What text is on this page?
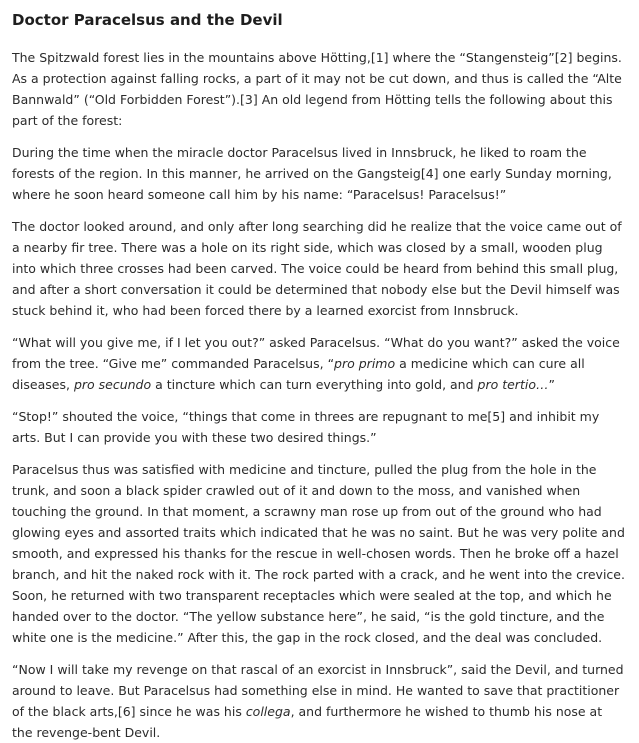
Doctor Paracelsus and the Devil

The Spitzwald forest lies in the mountains above Hötting,[1] where the “Stangensteig”[2] begins. As a protection against falling rocks, a part of it may not be cut down, and thus is called the “Alte Bannwald” (“Old Forbidden Forest”).[3] An old legend from Hötting tells the following about this part of the forest:

During the time when the miracle doctor Paracelsus lived in Innsbruck, he liked to roam the forests of the region. In this manner, he arrived on the Gangsteig[4] one early Sunday morning, where he soon heard someone call him by his name: “Paracelsus! Paracelsus!”

The doctor looked around, and only after long searching did he realize that the voice came out of a nearby fir tree. There was a hole on its right side, which was closed by a small, wooden plug into which three crosses had been carved. The voice could be heard from behind this small plug, and after a short conversation it could be determined that nobody else but the Devil himself was stuck behind it, who had been forced there by a learned exorcist from Innsbruck.

“What will you give me, if I let you out?” asked Paracelsus. “What do you want?” asked the voice from the tree. “Give me” commanded Paracelsus, “pro primo a medicine which can cure all diseases, pro secundo a tincture which can turn everything into gold, and pro tertio…”

“Stop!” shouted the voice, “things that come in threes are repugnant to me[5] and inhibit my arts. But I can provide you with these two desired things.”

Paracelsus thus was satisfied with medicine and tincture, pulled the plug from the hole in the trunk, and soon a black spider crawled out of it and down to the moss, and vanished when touching the ground. In that moment, a scrawny man rose up from out of the ground who had glowing eyes and assorted traits which indicated that he was no saint. But he was very polite and smooth, and expressed his thanks for the rescue in well-chosen words. Then he broke off a hazel branch, and hit the naked rock with it. The rock parted with a crack, and he went into the crevice. Soon, he returned with two transparent receptacles which were sealed at the top, and which he handed over to the doctor. “The yellow substance here”, he said, “is the gold tincture, and the white one is the medicine.” After this, the gap in the rock closed, and the deal was concluded.

“Now I will take my revenge on that rascal of an exorcist in Innsbruck”, said the Devil, and turned around to leave. But Paracelsus had something else in mind. He wanted to save that practitioner of the black arts,[6] since he was his collega, and furthermore he wished to thumb his nose at the revenge-bent Devil.
